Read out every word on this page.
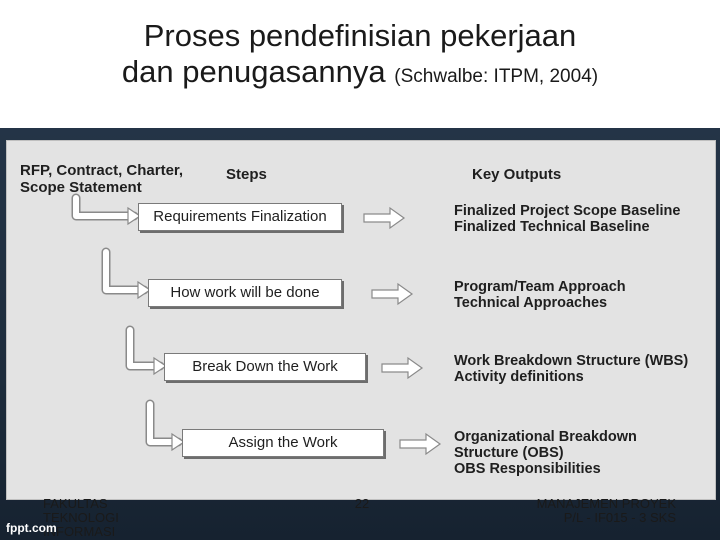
Proses pendefinisian pekerjaan
dan penugasannya (Schwalbe: ITPM, 2004)
RFP, Contract, Charter,
Scope Statement
Steps	Key Outputs
Requirements Finalization
How work will be done
Break Down the Work
Assign the Work
Finalized Project Scope Baseline
Finalized Technical Baseline
Program/Team Approach
Technical Approaches
Work Breakdown Structure (WBS)
Activity definitions
Organizational Breakdown
Structure (OBS)
OBS Responsibilities
FAKULTAS
TEKNOLOGI
INFORMASI
22	MANAJEMEN PROYEK
P/L - IF015 - 3 SKS
fppt.com
